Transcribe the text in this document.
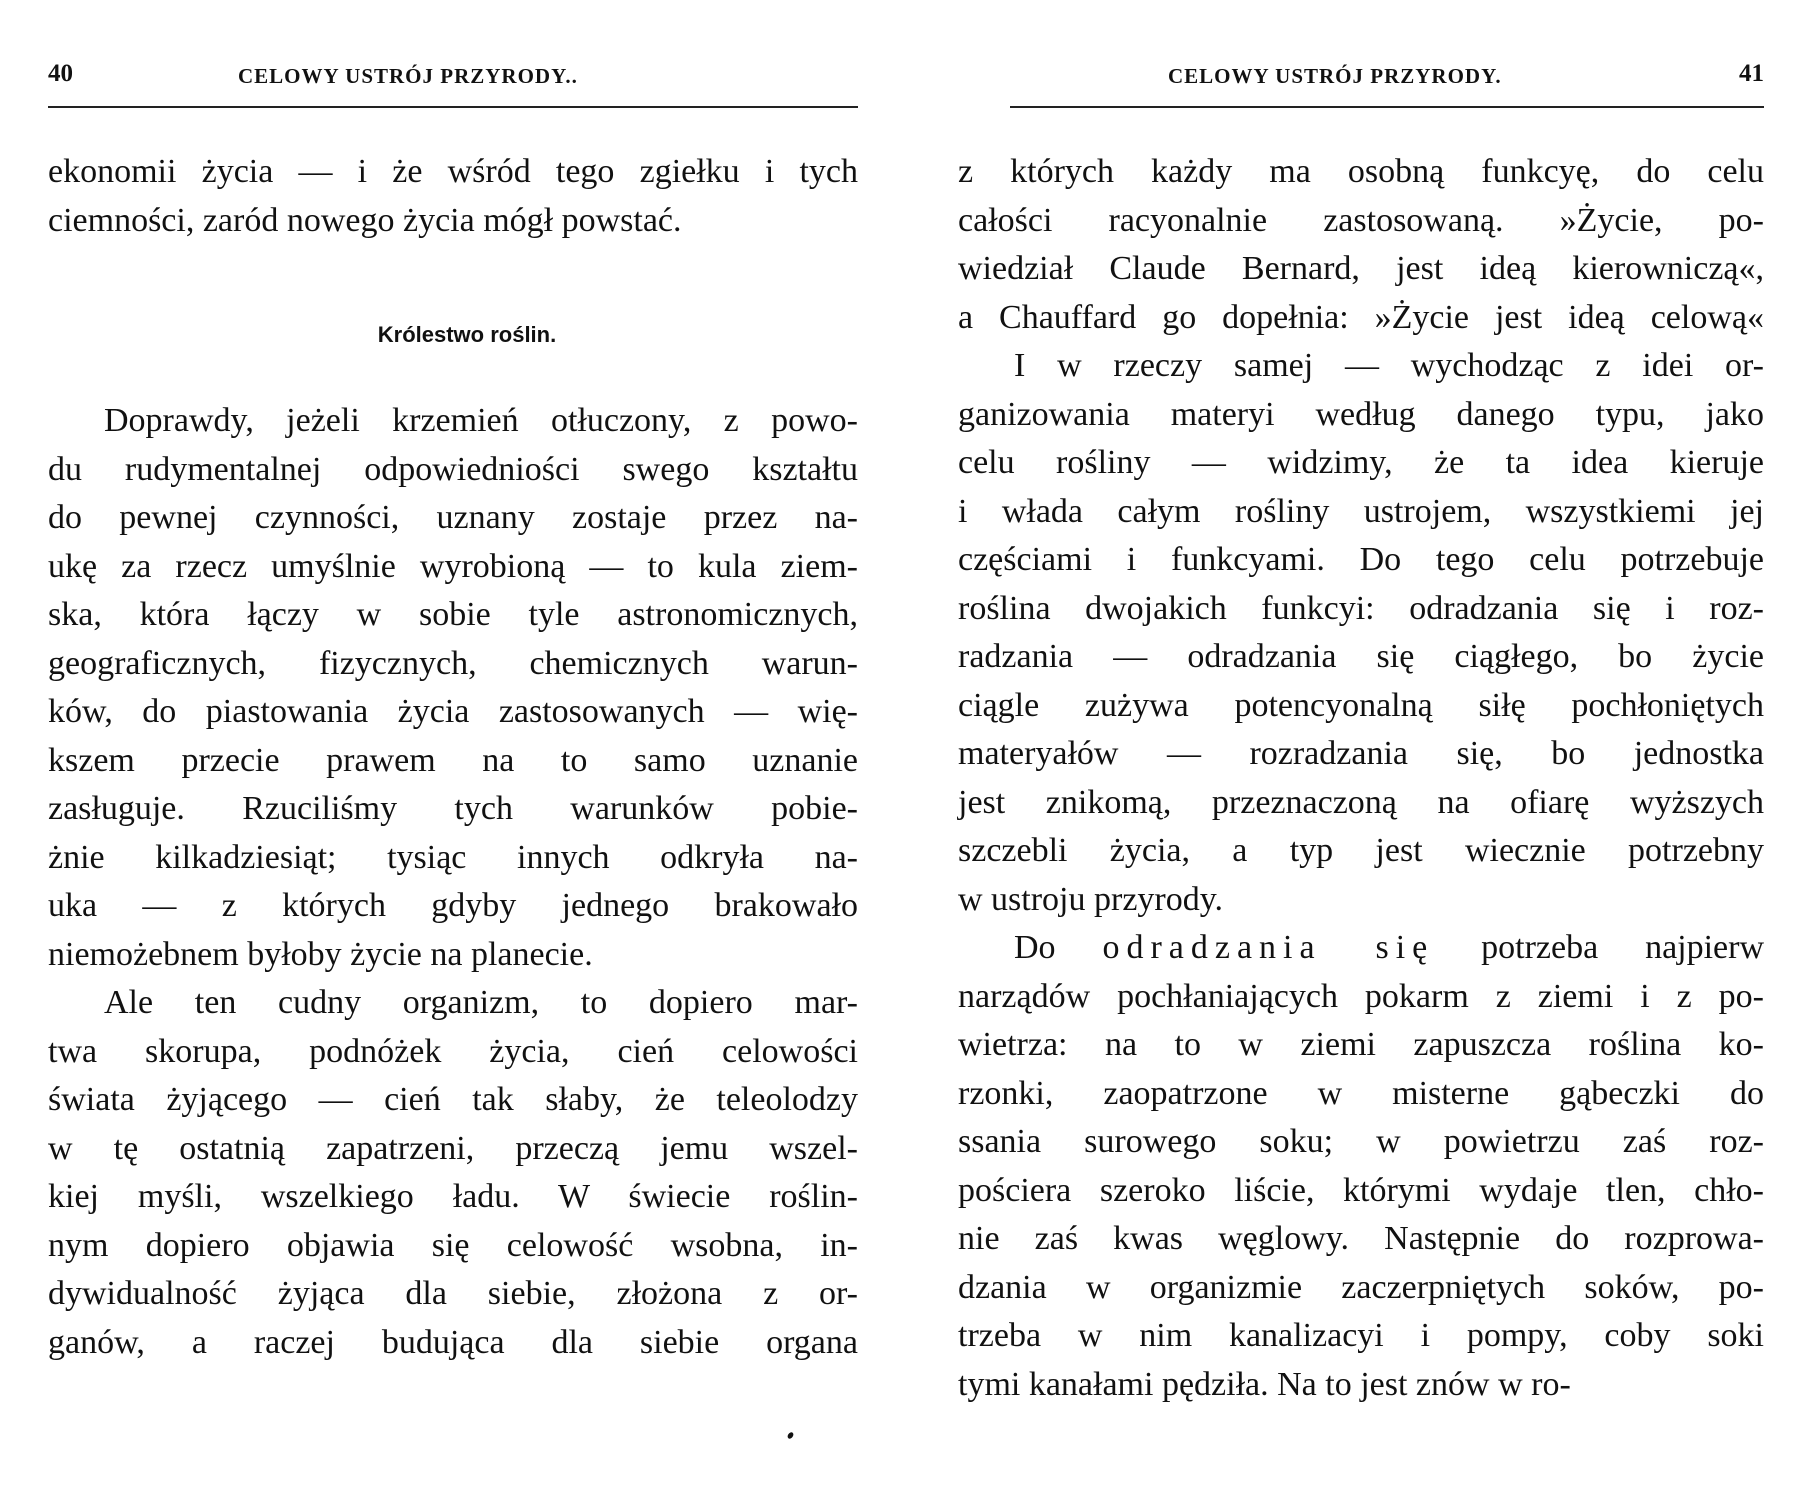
40	CELOWY USTRÓJ PRZYRODY..
ekonomii życia — i że wśród tego zgiełku i tych
ciemności, zaród nowego życia mógł powstać.
Królestwo roślin.
Doprawdy, jeżeli krzemień otłuczony, z powo-
du rudymentalnej odpowiedniości swego kształtu
do pewnej czynności, uznany zostaje przez na-
ukę za rzecz umyślnie wyrobioną — to kula ziem-
ska, która łączy w sobie tyle astronomicznych,
geograficznych, fizycznych, chemicznych warun-
ków, do piastowania życia zastosowanych — wię-
kszem przecie prawem na to samo uznanie
zasługuje. Rzuciliśmy tych warunków pobie-
żnie kilkadziesiąt; tysiąc innych odkryła na-
uka — z których gdyby jednego brakowało
niemożebnem byłoby życie na planecie.
Ale ten cudny organizm, to dopiero mar-
twa skorupa, podnóżek życia, cień celowości
świata żyjącego — cień tak słaby, że teleolodzy
w tę ostatnią zapatrzeni, przeczą jemu wszel-
kiej myśli, wszelkiego ładu. W świecie roślin-
nym dopiero objawia się celowość wsobna, in-
dywidualność żyjąca dla siebie, złożona z or-
ganów, a raczej budująca dla siebie organa
CELOWY USTRÓJ PRZYRODY.	41
z których każdy ma osobną funkcyę, do celu
całości racyonalnie zastosowaną. »Życie, po-
wiedział Claude Bernard, jest ideą kierowniczą«,
a Chauffard go dopełnia: »Życie jest ideą celową«
I w rzeczy samej — wychodząc z idei or-
ganizowania materyi według danego typu, jako
celu rośliny — widzimy, że ta idea kieruje
i włada całym rośliny ustrojem, wszystkiemi jej
częściami i funkcyami. Do tego celu potrzebuje
roślina dwojakich funkcyi: odradzania się i roz-
radzania — odradzania się ciągłego, bo życie
ciągle zużywa potencyonalną siłę pochłoniętych
materyałów — rozradzania się, bo jednostka
jest znikomą, przeznaczoną na ofiarę wyższych
szczebli życia, a typ jest wiecznie potrzebny
w ustroju przyrody.
Do odradzania się potrzeba najpierw
narządów pochłaniających pokarm z ziemi i z po-
wietrza: na to w ziemi zapuszcza roślina ko-
rzonki, zaopatrzone w misterne gąbeczki do
ssania surowego soku; w powietrzu zaś roz-
pościera szeroko liście, którymi wydaje tlen, chło-
nie zaś kwas węglowy. Następnie do rozprowa-
dzania w organizmie zaczerpniętych soków, po-
trzeba w nim kanalizacyi i pompy, coby soki
tymi kanałami pędziła. Na to jest znów w ro-
